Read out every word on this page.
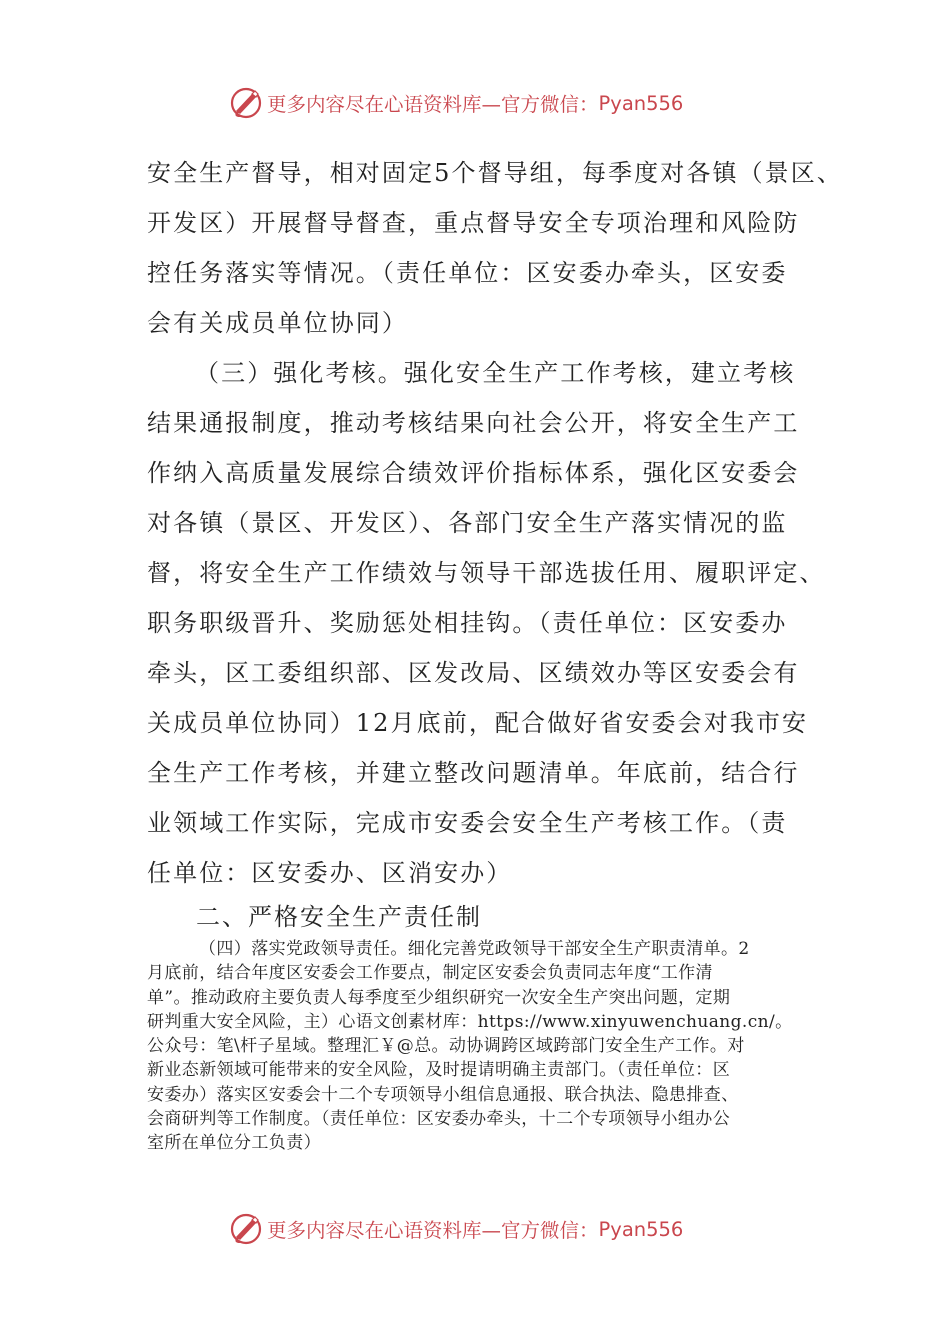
更多内容尽在心语资料库—官方微信： Pyan556
安全生产督导，相对固定5个督导组，每季度对各镇（景区、
开发区）开展督导督查，重点督导安全专项治理和风险防
控任务落实等情况。（责任单位：区安委办牵头，区安委
会有关成员单位协同）
（三）强化考核。强化安全生产工作考核，建立考核
结果通报制度，推动考核结果向社会公开，将安全生产工
作纳入高质量发展综合绩效评价指标体系，强化区安委会
对各镇（景区、开发区）、各部门安全生产落实情况的监
督，将安全生产工作绩效与领导干部选拔任用、履职评定、
职务职级晋升、奖励惩处相挂钩。（责任单位：区安委办
牵头，区工委组织部、区发改局、区绩效办等区安委会有
关成员单位协同）12月底前，配合做好省安委会对我市安
全生产工作考核，并建立整改问题清单。年底前，结合行
业领域工作实际，完成市安委会安全生产考核工作。（责
任单位：区安委办、区消安办）
二、严格安全生产责任制
（四）落实党政领导责任。细化完善党政领导干部安全生产职责清单。2
月底前，结合年度区安委会工作要点，制定区安委会负责同志年度“工作清
单”。推动政府主要负责人每季度至少组织研究一次安全生产突出问题，定期
研判重大安全风险，主）心语文创素材库：https://www.xinyuwenchuang.cn/。
公众号：笔\杆子星域。整理汇￥@总。动协调跨区域跨部门安全生产工作。对
新业态新领域可能带来的安全风险，及时提请明确主责部门。（责任单位：区
安委办）落实区安委会十二个专项领导小组信息通报、联合执法、隐患排查、
会商研判等工作制度。（责任单位：区安委办牵头，十二个专项领导小组办公
室所在单位分工负责）
更多内容尽在心语资料库—官方微信： Pyan556
